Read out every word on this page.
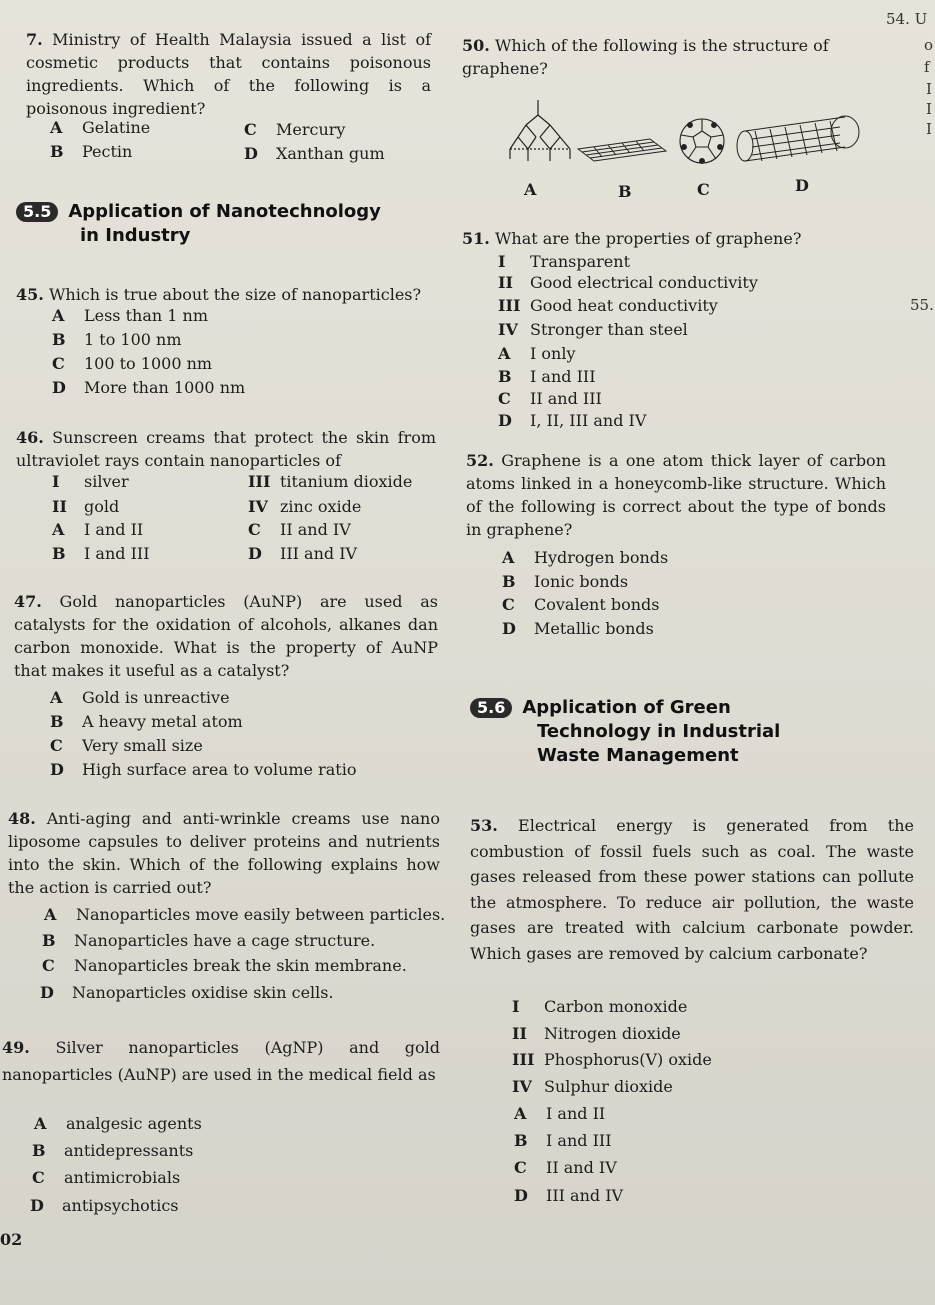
7. Ministry of Health Malaysia issued a list of cosmetic products that contains poisonous ingredients. Which of the following is a poisonous ingredient?
A Gelatine	C Mercury
B Pectin	D Xanthan gum
5.5 Application of Nanotechnology
in Industry
45. Which is true about the size of nanoparticles?
A Less than 1 nm
B 1 to 100 nm
C 100 to 1000 nm
D More than 1000 nm
46. Sunscreen creams that protect the skin from ultraviolet rays contain nanoparticles of
I silver	III titanium dioxide
II gold	IV zinc oxide
A I and II	C II and IV
B I and III	D III and IV
47. Gold nanoparticles (AuNP) are used as catalysts for the oxidation of alcohols, alkanes dan carbon monoxide. What is the property of AuNP that makes it useful as a catalyst?
A Gold is unreactive
B A heavy metal atom
C Very small size
D High surface area to volume ratio
48. Anti-aging and anti-wrinkle creams use nano liposome capsules to deliver proteins and nutrients into the skin. Which of the following explains how the action is carried out?
A Nanoparticles move easily between particles.
B Nanoparticles have a cage structure.
C Nanoparticles break the skin membrane.
D Nanoparticles oxidise skin cells.
49. Silver nanoparticles (AgNP) and gold nanoparticles (AuNP) are used in the medical field as
A analgesic agents
B antidepressants
C antimicrobials
D antipsychotics
02
50. Which of the following is the structure of graphene?
A	B	C	D
51. What are the properties of graphene?
I Transparent
II Good electrical conductivity
III Good heat conductivity
IV Stronger than steel
A I only
B I and III
C II and III
D I, II, III and IV
52. Graphene is a one atom thick layer of carbon atoms linked in a honeycomb-like structure. Which of the following is correct about the type of bonds in graphene?
A Hydrogen bonds
B Ionic bonds
C Covalent bonds
D Metallic bonds
5.6 Application of Green
Technology in Industrial
Waste Management
53. Electrical energy is generated from the combustion of fossil fuels such as coal. The waste gases released from these power stations can pollute the atmosphere. To reduce air pollution, the waste gases are treated with calcium carbonate powder. Which gases are removed by calcium carbonate?
I Carbon monoxide
II Nitrogen dioxide
III Phosphorus(V) oxide
IV Sulphur dioxide
A I and II
B I and III
C II and IV
D III and IV
54. U
o
f
I
I
I
55.
